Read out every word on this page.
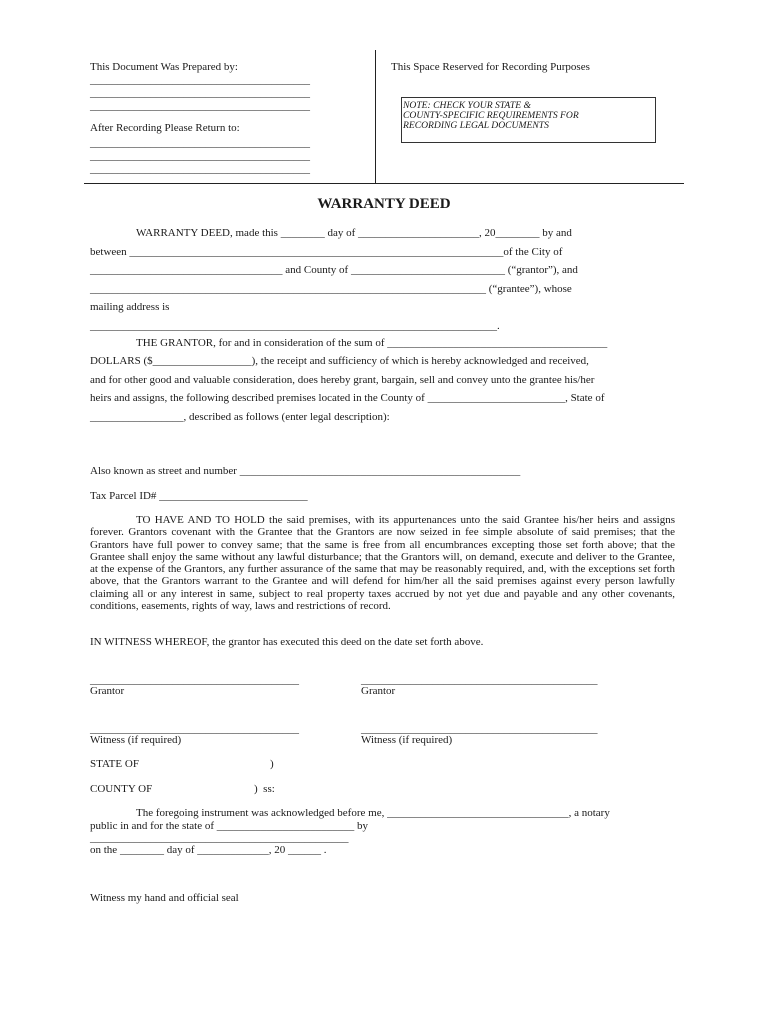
This Document Was Prepared by:
________________________________________
________________________________________
________________________________________
After Recording Please Return to:
________________________________________
________________________________________
________________________________________
This Space Reserved for Recording Purposes
NOTE: CHECK YOUR STATE &
COUNTY-SPECIFIC REQUIREMENTS FOR
RECORDING LEGAL DOCUMENTS
WARRANTY DEED
WARRANTY DEED, made this ________ day of ______________________, 20________ by and
between ____________________________________________________________________of the City of
___________________________________ and County of ____________________________ (“grantor”), and
________________________________________________________________________ (“grantee”), whose
mailing address is
__________________________________________________________________________.
THE GRANTOR, for and in consideration of the sum of ________________________________________
DOLLARS ($__________________), the receipt and sufficiency of which is hereby acknowledged and received,
and for other good and valuable consideration, does hereby grant, bargain, sell and convey unto the grantee his/her
heirs and assigns, the following described premises located in the County of _________________________, State of
_________________, described as follows (enter legal description):
Also known as street and number ___________________________________________________
Tax Parcel ID# ___________________________
TO HAVE AND TO HOLD the said premises, with its appurtenances unto the said Grantee his/her heirs and assigns forever. Grantors covenant with the Grantee that the Grantors are now seized in fee simple absolute of said premises; that the Grantors have full power to convey same; that the same is free from all encumbrances excepting those set forth above; that the Grantee shall enjoy the same without any lawful disturbance; that the Grantors will, on demand, execute and deliver to the Grantee, at the expense of the Grantors, any further assurance of the same that may be reasonably required, and, with the exceptions set forth above, that the Grantors warrant to the Grantee and will defend for him/her all the said premises against every person lawfully claiming all or any interest in same, subject to real property taxes accrued by not yet due and payable and any other covenants, conditions, easements, rights of way, laws and restrictions of record.
IN WITNESS WHEREOF, the grantor has executed this deed on the date set forth above.
______________________________________
Grantor
___________________________________________
Grantor
______________________________________
Witness (if required)
___________________________________________
Witness (if required)
STATE OF	)
COUNTY OF	)  ss:
The foregoing instrument was acknowledged before me, _________________________________, a notary
public in and for the state of _________________________ by
_______________________________________________
on the ________ day of _____________, 20 ______ .
Witness my hand and official seal
